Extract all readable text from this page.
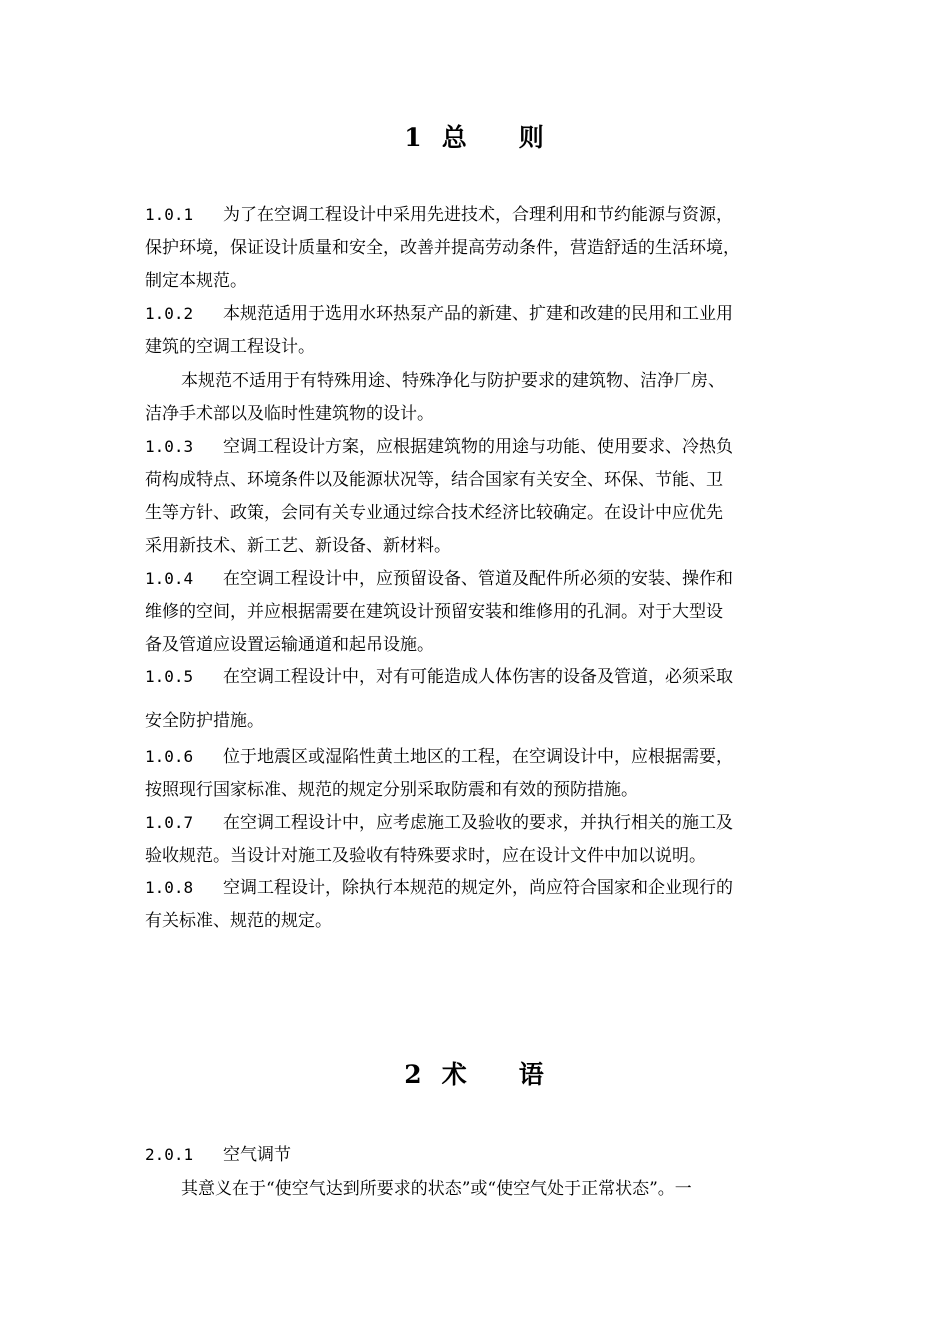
1 总 则
1.0.1 为了在空调工程设计中采用先进技术，合理利用和节约能源与资源，
保护环境，保证设计质量和安全，改善并提高劳动条件，营造舒适的生活环境，
制定本规范。
1.0.2 本规范适用于选用水环热泵产品的新建、扩建和改建的民用和工业用
建筑的空调工程设计。
本规范不适用于有特殊用途、特殊净化与防护要求的建筑物、洁净厂房、
洁净手术部以及临时性建筑物的设计。
1.0.3 空调工程设计方案，应根据建筑物的用途与功能、使用要求、冷热负
荷构成特点、环境条件以及能源状况等，结合国家有关安全、环保、节能、卫
生等方针、政策，会同有关专业通过综合技术经济比较确定。在设计中应优先
采用新技术、新工艺、新设备、新材料。
1.0.4 在空调工程设计中，应预留设备、管道及配件所必须的安装、操作和
维修的空间，并应根据需要在建筑设计预留安装和维修用的孔洞。对于大型设
备及管道应设置运输通道和起吊设施。
1.0.5 在空调工程设计中，对有可能造成人体伤害的设备及管道，必须采取
安全防护措施。
1.0.6 位于地震区或湿陷性黄土地区的工程，在空调设计中，应根据需要，
按照现行国家标准、规范的规定分别采取防震和有效的预防措施。
1.0.7 在空调工程设计中，应考虑施工及验收的要求，并执行相关的施工及
验收规范。当设计对施工及验收有特殊要求时，应在设计文件中加以说明。
1.0.8 空调工程设计，除执行本规范的规定外，尚应符合国家和企业现行的
有关标准、规范的规定。
2 术 语
2.0.1 空气调节
其意义在于“使空气达到所要求的状态”或“使空气处于正常状态”。一
